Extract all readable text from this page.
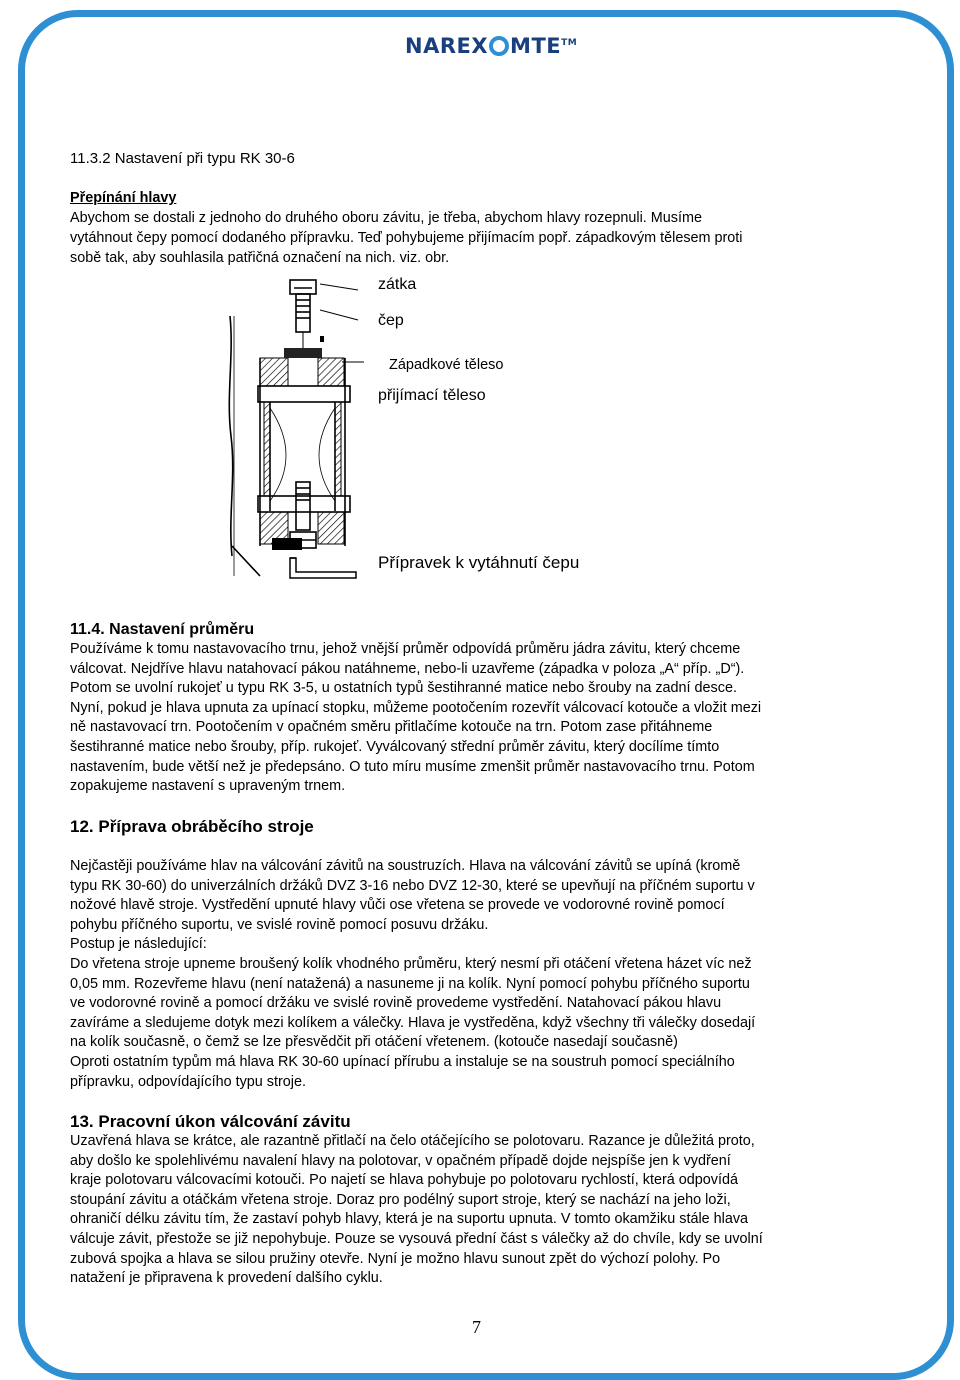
NAREX MTE™
11.3.2 Nastavení při typu RK 30-6
Přepínání hlavy
Abychom se dostali z jednoho do druhého oboru závitu, je třeba, abychom hlavy rozepnuli. Musíme
vytáhnout čepy pomocí dodaného přípravku. Teď pohybujeme přijímacím popř. západkovým tělesem proti
sobě tak, aby souhlasila patřičná označení na nich. viz. obr.
zátka
čep
Západkové těleso
přijímací těleso
Přípravek k vytáhnutí čepu
11.4. Nastavení průměru
Používáme k tomu nastavovacího trnu, jehož vnější průměr odpovídá průměru jádra závitu, který chceme
válcovat. Nejdříve hlavu natahovací pákou natáhneme, nebo-li uzavřeme (západka v poloza „A“ příp. „D“).
Potom se uvolní rukojeť u typu RK 3-5, u ostatních typů šestihranné matice nebo šrouby na zadní desce.
Nyní, pokud je hlava upnuta za upínací stopku, můžeme pootočením rozevřít válcovací kotouče a vložit mezi
ně nastavovací trn. Pootočením v opačném směru přitlačíme kotouče na trn. Potom zase přitáhneme
šestihranné matice nebo šrouby, příp. rukojeť. Vyválcovaný střední průměr závitu, který docílíme tímto
nastavením, bude větší než je předepsáno. O tuto míru musíme zmenšit průměr nastavovacího trnu. Potom
zopakujeme nastavení s upraveným trnem.
12. Příprava obráběcího stroje
Nejčastěji používáme hlav na válcování závitů na soustruzích. Hlava na válcování závitů se upíná (kromě
typu RK 30-60) do univerzálních držáků DVZ 3-16 nebo DVZ 12-30, které se upevňují na příčném suportu v
nožové hlavě stroje. Vystředění upnuté hlavy vůči ose vřetena se provede ve vodorovné rovině pomocí
pohybu příčného suportu, ve svislé rovině pomocí posuvu držáku.
Postup je následující:
Do vřetena stroje upneme broušený kolík vhodného průměru, který nesmí při otáčení vřetena házet víc než
0,05 mm. Rozevřeme hlavu (není natažená) a nasuneme ji na kolík. Nyní pomocí pohybu příčného suportu
ve vodorovné rovině a pomocí držáku ve svislé rovině provedeme vystředění. Natahovací pákou hlavu
zavíráme a sledujeme dotyk mezi kolíkem a válečky. Hlava je vystředěna, když všechny tři válečky dosedají
na kolík současně, o čemž se lze přesvědčit při otáčení vřetenem. (kotouče nasedají současně)
Oproti ostatním typům má hlava RK 30-60 upínací přírubu a instaluje se na soustruh pomocí speciálního
přípravku, odpovídajícího typu stroje.
13. Pracovní úkon válcování závitu
Uzavřená hlava se krátce, ale razantně přitlačí na čelo otáčejícího se polotovaru. Razance je důležitá proto,
aby došlo ke spolehlivému navalení hlavy na polotovar, v opačném případě dojde nejspíše jen k vydření
kraje polotovaru válcovacími kotouči. Po najetí se hlava pohybuje po polotovaru rychlostí, která odpovídá
stoupání závitu a otáčkám vřetena stroje. Doraz pro podélný suport stroje, který se nachází na jeho loži,
ohraničí délku závitu tím, že zastaví pohyb hlavy, která je na suportu upnuta. V tomto okamžiku stále hlava
válcuje závit, přestože se již nepohybuje. Pouze se vysouvá přední část s válečky až do chvíle, kdy se uvolní
zubová spojka a hlava se silou pružiny otevře. Nyní je možno hlavu sunout zpět do výchozí polohy. Po
natažení je připravena k provedení dalšího cyklu.
7
